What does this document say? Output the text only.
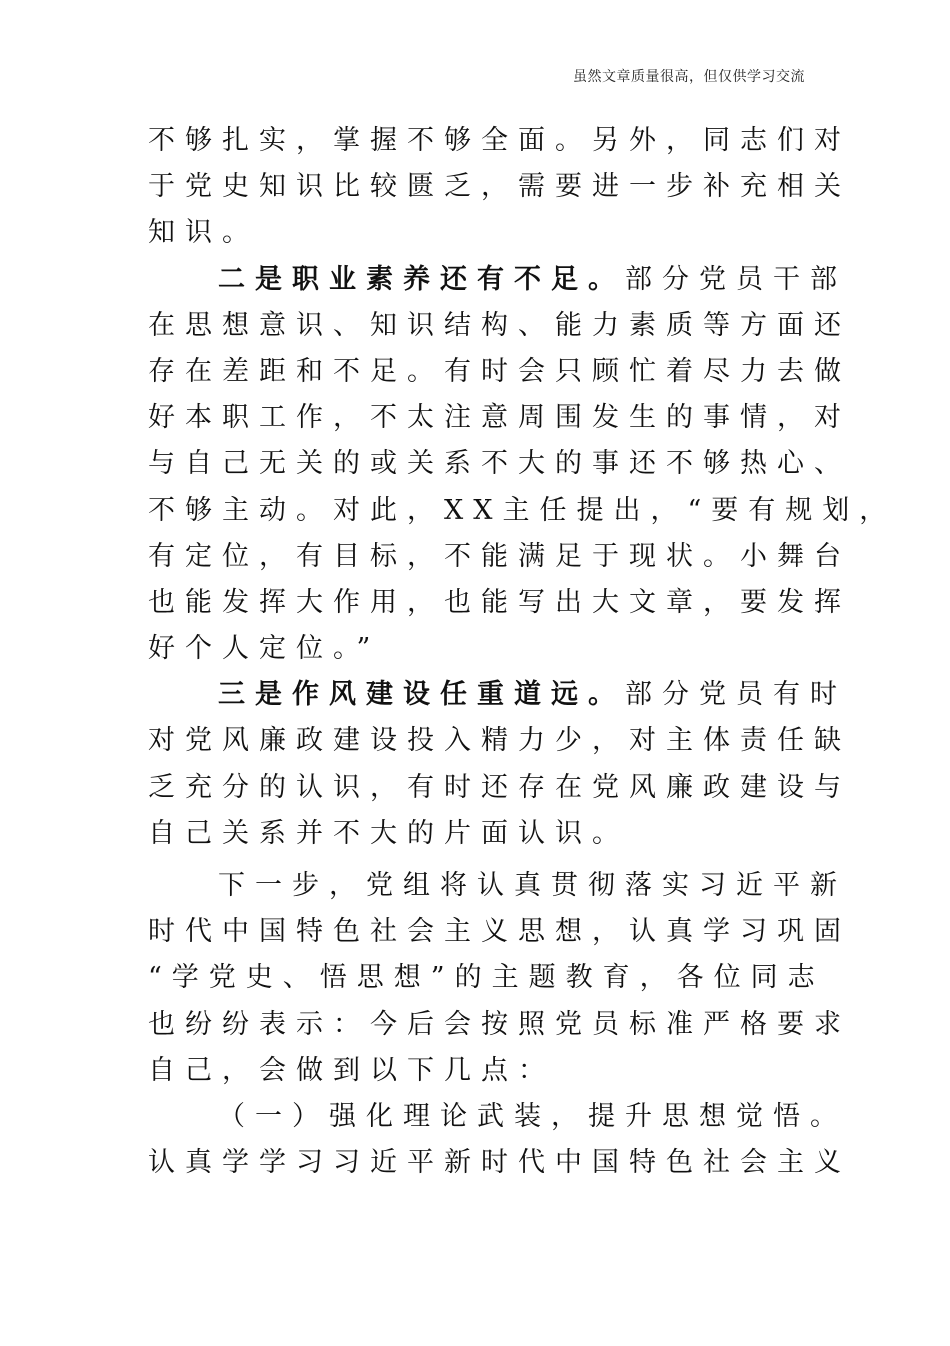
虽然文章质量很高，但仅供学习交流
不够扎实，掌握不够全面。另外，同志们对
于党史知识比较匮乏，需要进一步补充相关
知识。
二是职业素养还有不足。部分党员干部
在思想意识、知识结构、能力素质等方面还
存在差距和不足。有时会只顾忙着尽力去做
好本职工作，不太注意周围发生的事情，对
与自己无关的或关系不大的事还不够热心、
不够主动。对此，XX主任提出，“要有规划，
有定位，有目标，不能满足于现状。小舞台
也能发挥大作用，也能写出大文章，要发挥
好个人定位。”
三是作风建设任重道远。部分党员有时
对党风廉政建设投入精力少，对主体责任缺
乏充分的认识，有时还存在党风廉政建设与
自己关系并不大的片面认识。
下一步，党组将认真贯彻落实习近平新
时代中国特色社会主义思想，认真学习巩固
“学党史、悟思想”的主题教育，各位同志
也纷纷表示：今后会按照党员标准严格要求
自己，会做到以下几点：
（一）强化理论武装，提升思想觉悟。
认真学学习习近平新时代中国特色社会主义
